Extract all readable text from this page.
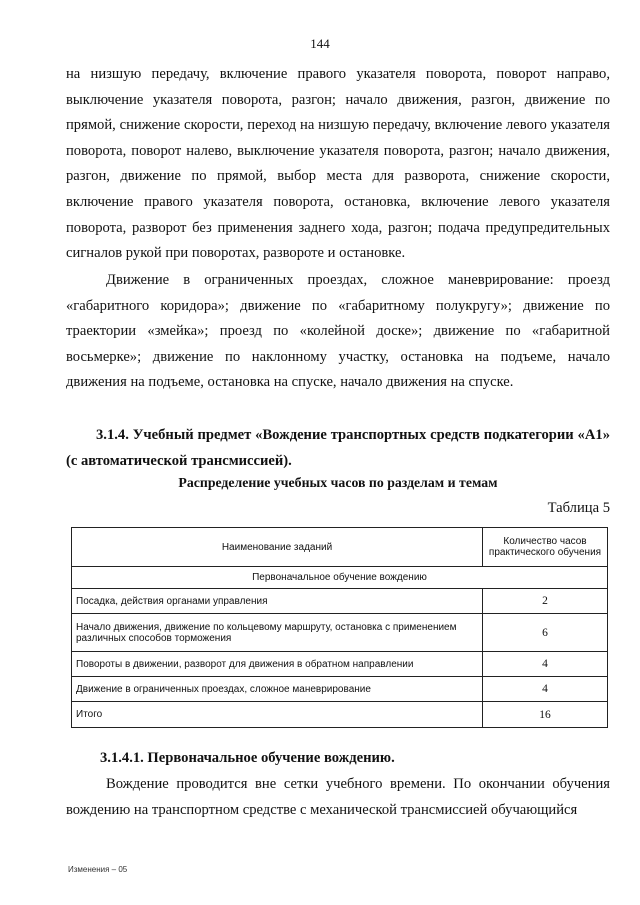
144
на низшую передачу, включение правого указателя поворота, поворот направо, выключение указателя поворота, разгон; начало движения, разгон, движение по прямой, снижение скорости, переход на низшую передачу, включение левого указателя поворота, поворот налево, выключение указателя поворота, разгон; начало движения, разгон, движение по прямой, выбор места для разворота, снижение скорости, включение правого указателя поворота, остановка, включение левого указателя поворота, разворот без применения заднего хода, разгон; подача предупредительных сигналов рукой при поворотах, развороте и остановке.
Движение в ограниченных проездах, сложное маневрирование: проезд «габаритного коридора»; движение по «габаритному полукругу»; движение по траектории «змейка»; проезд по «колейной доске»; движение по «габаритной восьмерке»; движение по наклонному участку, остановка на подъеме, начало движения на подъеме, остановка на спуске, начало движения на спуске.
3.1.4. Учебный предмет «Вождение транспортных средств подкатегории «А1» (с автоматической трансмиссией).
Распределение учебных часов по разделам и темам
Таблица 5
Наименование заданий	Количество часов практического обучения
Первоначальное обучение вождению	
Посадка, действия органами управления	2
Начало движения, движение по кольцевому маршруту, остановка с применением различных способов торможения	6
Повороты в движении, разворот для движения в обратном направлении	4
Движение в ограниченных проездах, сложное маневрирование	4
Итого	16
3.1.4.1. Первоначальное обучение вождению.
Вождение проводится вне сетки учебного времени. По окончании обучения вождению на транспортном средстве с механической трансмиссией обучающийся
Изменения – 05
